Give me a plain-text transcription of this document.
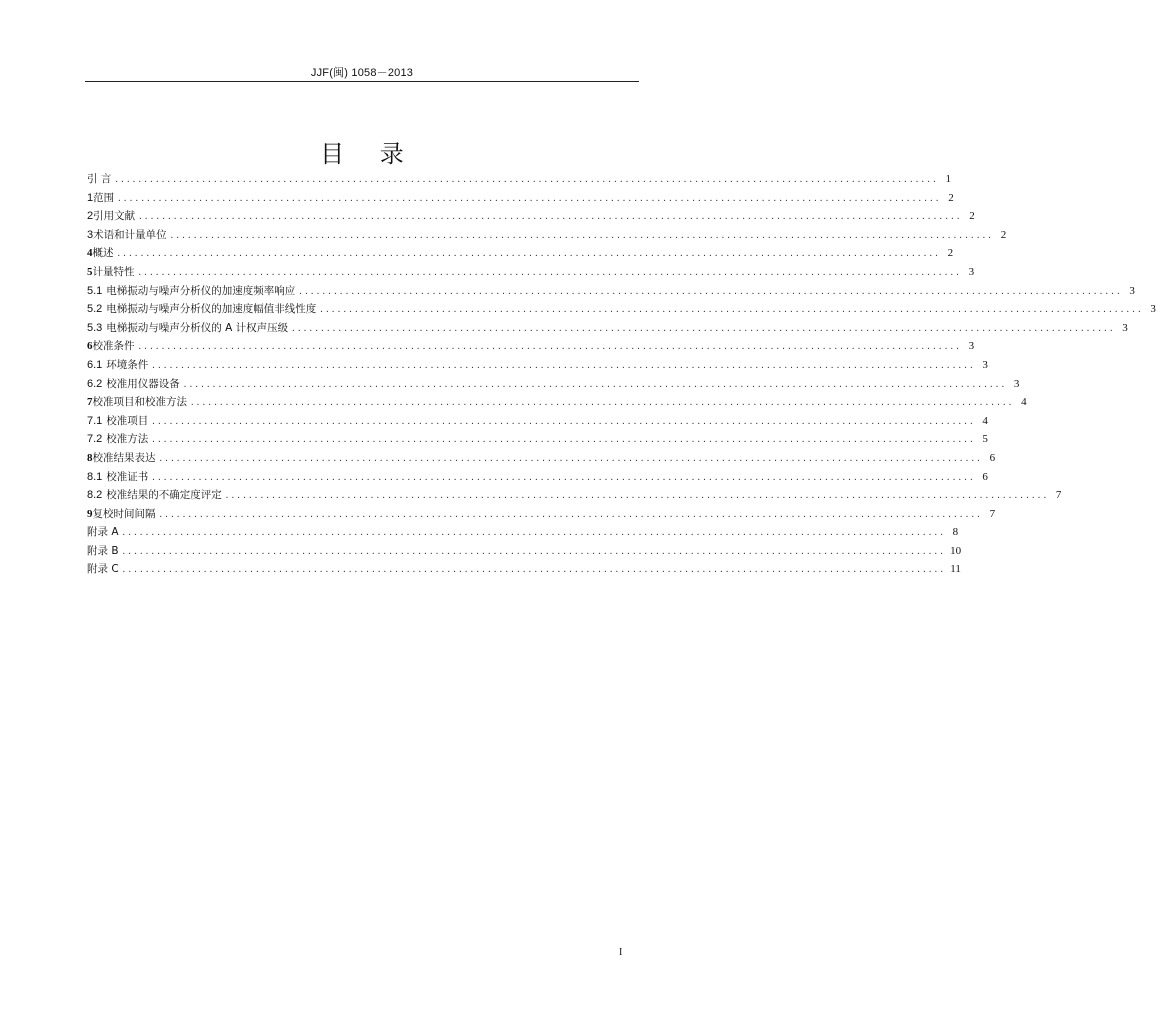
JJF(闽) 1058－2013
目 录
引 言 .............................................................................................................................................. 1
1 范围 .............................................................................................................................................. 2
2 引用文献 .............................................................................................................................................. 2
3 术语和计量单位 .............................................................................................................................................. 2
4 概述 .............................................................................................................................................. 2
5 计量特性 .............................................................................................................................................. 3
5.1 电梯振动与噪声分析仪的加速度频率响应 .............................................................................................................................................. 3
5.2 电梯振动与噪声分析仪的加速度幅值非线性度 .............................................................................................................................................. 3
5.3 电梯振动与噪声分析仪的 A 计权声压级 .............................................................................................................................................. 3
6 校准条件 .............................................................................................................................................. 3
6.1 环境条件 .............................................................................................................................................. 3
6.2 校准用仪器设备 .............................................................................................................................................. 3
7 校准项目和校准方法 .............................................................................................................................................. 4
7.1 校准项目 .............................................................................................................................................. 4
7.2 校准方法 .............................................................................................................................................. 5
8 校准结果表达 .............................................................................................................................................. 6
8.1 校准证书 .............................................................................................................................................. 6
8.2 校准结果的不确定度评定 .............................................................................................................................................. 7
9 复校时间间隔 .............................................................................................................................................. 7
附录 A .............................................................................................................................................. 8
附录 B .............................................................................................................................................. 10
附录 C .............................................................................................................................................. 11
I
